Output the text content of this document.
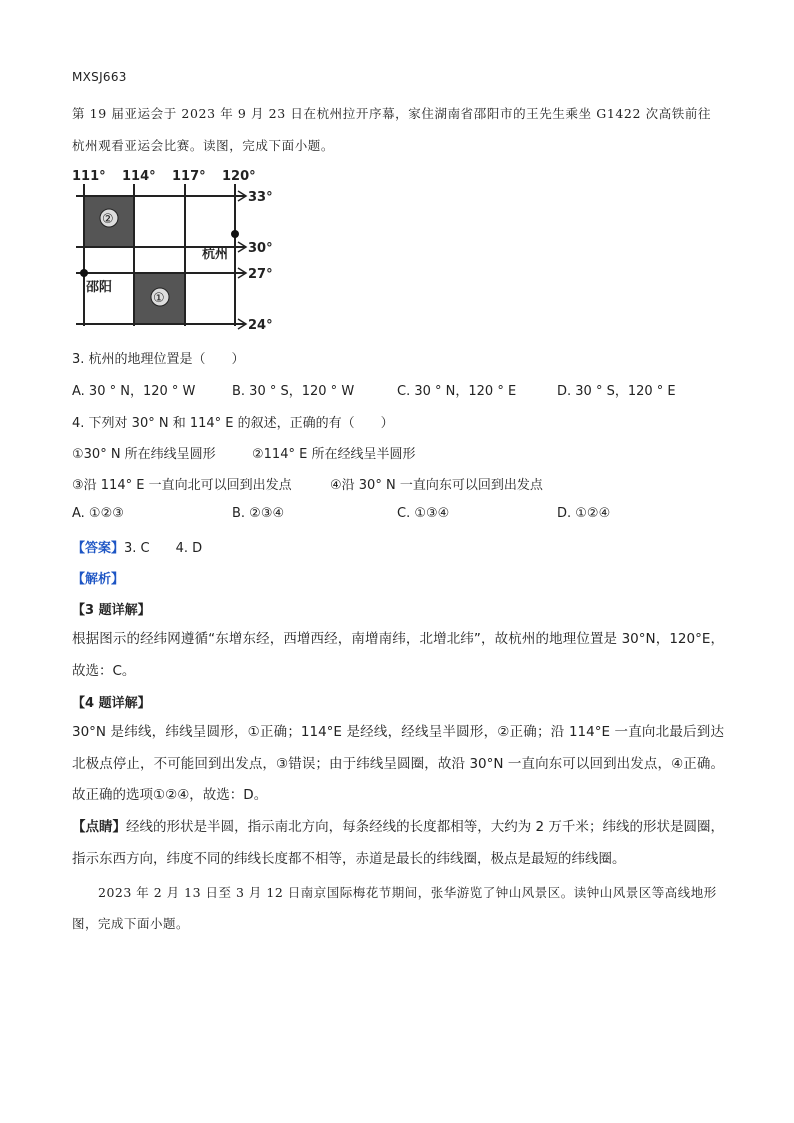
MXSJ663
第 19 届亚运会于 2023 年 9 月 23 日在杭州拉开序幕，家住湖南省邵阳市的王先生乘坐 G1422 次高铁前往杭州观看亚运会比赛。读图，完成下面小题。
111° 114° 117° 120°
33°
30°
27°
24°
杭州
邵阳
②
①
3. 杭州的地理位置是（　　）
A. 30 ° N，120 ° W	B. 30 ° S，120 ° W	C. 30 ° N，120 ° E	D. 30 ° S，120 ° E
4. 下列对 30° N 和 114° E 的叙述，正确的有（　　）
①30° N 所在纬线呈圆形	②114° E 所在经线呈半圆形
③沿 114° E 一直向北可以回到出发点	④沿 30° N 一直向东可以回到出发点
A. ①②③	B. ②③④	C. ①③④	D. ①②④
【答案】3. C　　4. D
【解析】
【3 题详解】
根据图示的经纬网遵循“东增东经，西增西经，南增南纬，北增北纬”，故杭州的地理位置是 30°N，120°E，故选：C。
【4 题详解】
30°N 是纬线，纬线呈圆形，①正确；114°E 是经线，经线呈半圆形，②正确；沿 114°E 一直向北最后到达北极点停止，不可能回到出发点，③错误；由于纬线呈圆圈，故沿 30°N 一直向东可以回到出发点，④正确。故正确的选项①②④，故选：D。
【点睛】经线的形状是半圆，指示南北方向，每条经线的长度都相等，大约为 2 万千米；纬线的形状是圆圈，指示东西方向，纬度不同的纬线长度都不相等，赤道是最长的纬线圈，极点是最短的纬线圈。
2023 年 2 月 13 日至 3 月 12 日南京国际梅花节期间，张华游览了钟山风景区。读钟山风景区等高线地形图，完成下面小题。
